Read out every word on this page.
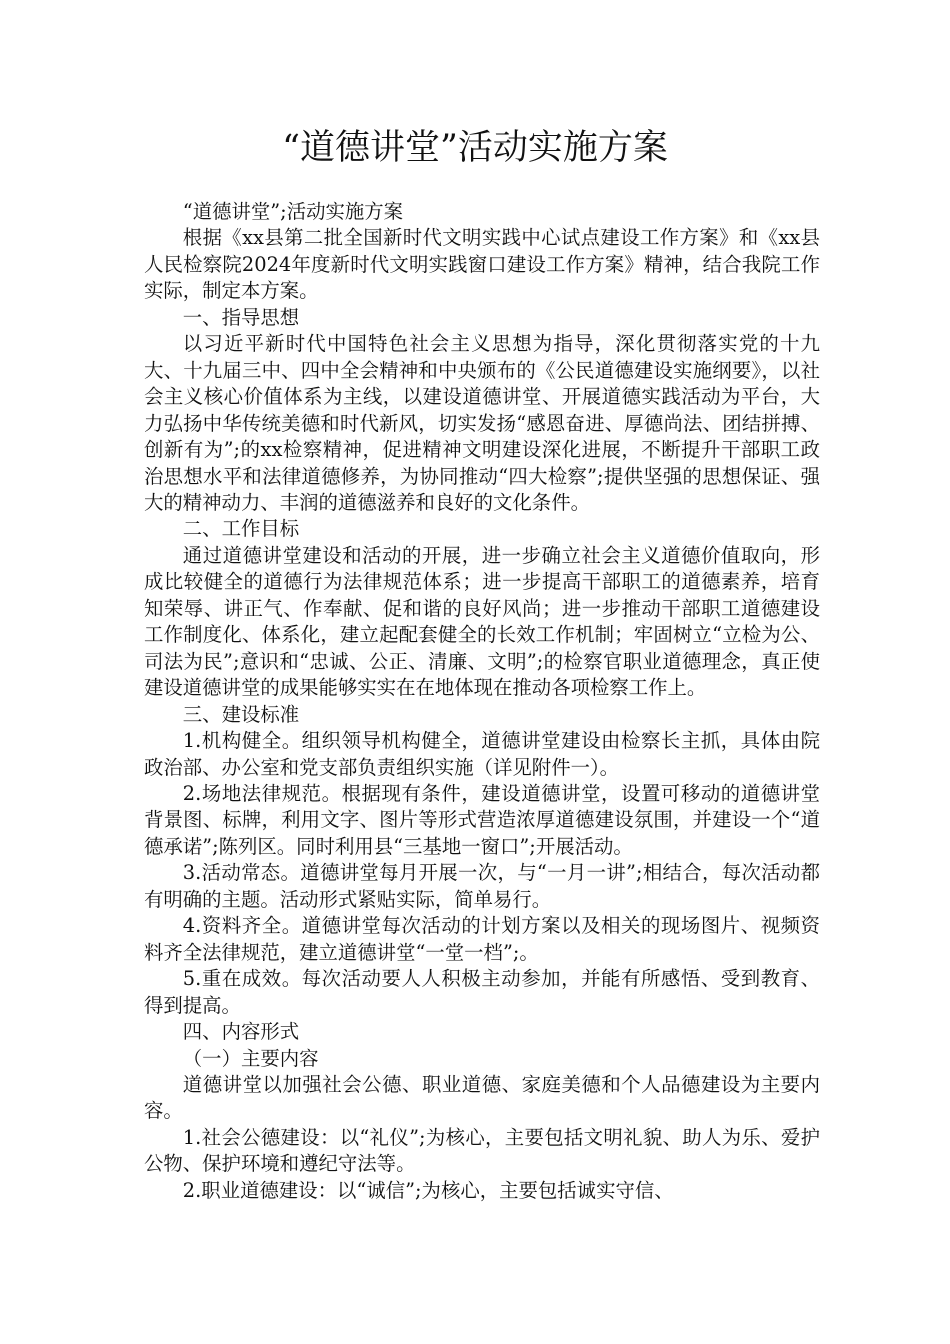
“道德讲堂”活动实施方案

“道德讲堂”;活动实施方案

根据《xx县第二批全国新时代文明实践中心试点建设工作方案》和《xx县人民检察院2024年度新时代文明实践窗口建设工作方案》精神，结合我院工作实际，制定本方案。

一、指导思想

以习近平新时代中国特色社会主义思想为指导，深化贯彻落实党的十九大、十九届三中、四中全会精神和中央颁布的《公民道德建设实施纲要》，以社会主义核心价值体系为主线，以建设道德讲堂、开展道德实践活动为平台，大力弘扬中华传统美德和时代新风，切实发扬“感恩奋进、厚德尚法、团结拼搏、创新有为”;的xx检察精神，促进精神文明建设深化进展，不断提升干部职工政治思想水平和法律道德修养，为协同推动“四大检察”;提供坚强的思想保证、强大的精神动力、丰润的道德滋养和良好的文化条件。

二、工作目标

通过道德讲堂建设和活动的开展，进一步确立社会主义道德价值取向，形成比较健全的道德行为法律规范体系；进一步提高干部职工的道德素养，培育知荣辱、讲正气、作奉献、促和谐的良好风尚；进一步推动干部职工道德建设工作制度化、体系化，建立起配套健全的长效工作机制；牢固树立“立检为公、司法为民”;意识和“忠诚、公正、清廉、文明”;的检察官职业道德理念，真正使建设道德讲堂的成果能够实实在在地体现在推动各项检察工作上。

三、建设标准

1.机构健全。组织领导机构健全，道德讲堂建设由检察长主抓，具体由院政治部、办公室和党支部负责组织实施（详见附件一）。

2.场地法律规范。根据现有条件，建设道德讲堂，设置可移动的道德讲堂背景图、标牌，利用文字、图片等形式营造浓厚道德建设氛围，并建设一个“道德承诺”;陈列区。同时利用县“三基地一窗口”;开展活动。

3.活动常态。道德讲堂每月开展一次，与“一月一讲”;相结合，每次活动都有明确的主题。活动形式紧贴实际，简单易行。

4.资料齐全。道德讲堂每次活动的计划方案以及相关的现场图片、视频资料齐全法律规范，建立道德讲堂“一堂一档”;。

5.重在成效。每次活动要人人积极主动参加，并能有所感悟、受到教育、得到提高。

四、内容形式

（一）主要内容

道德讲堂以加强社会公德、职业道德、家庭美德和个人品德建设为主要内容。

1.社会公德建设：以“礼仪”;为核心，主要包括文明礼貌、助人为乐、爱护公物、保护环境和遵纪守法等。

2.职业道德建设：以“诚信”;为核心，主要包括诚实守信、
